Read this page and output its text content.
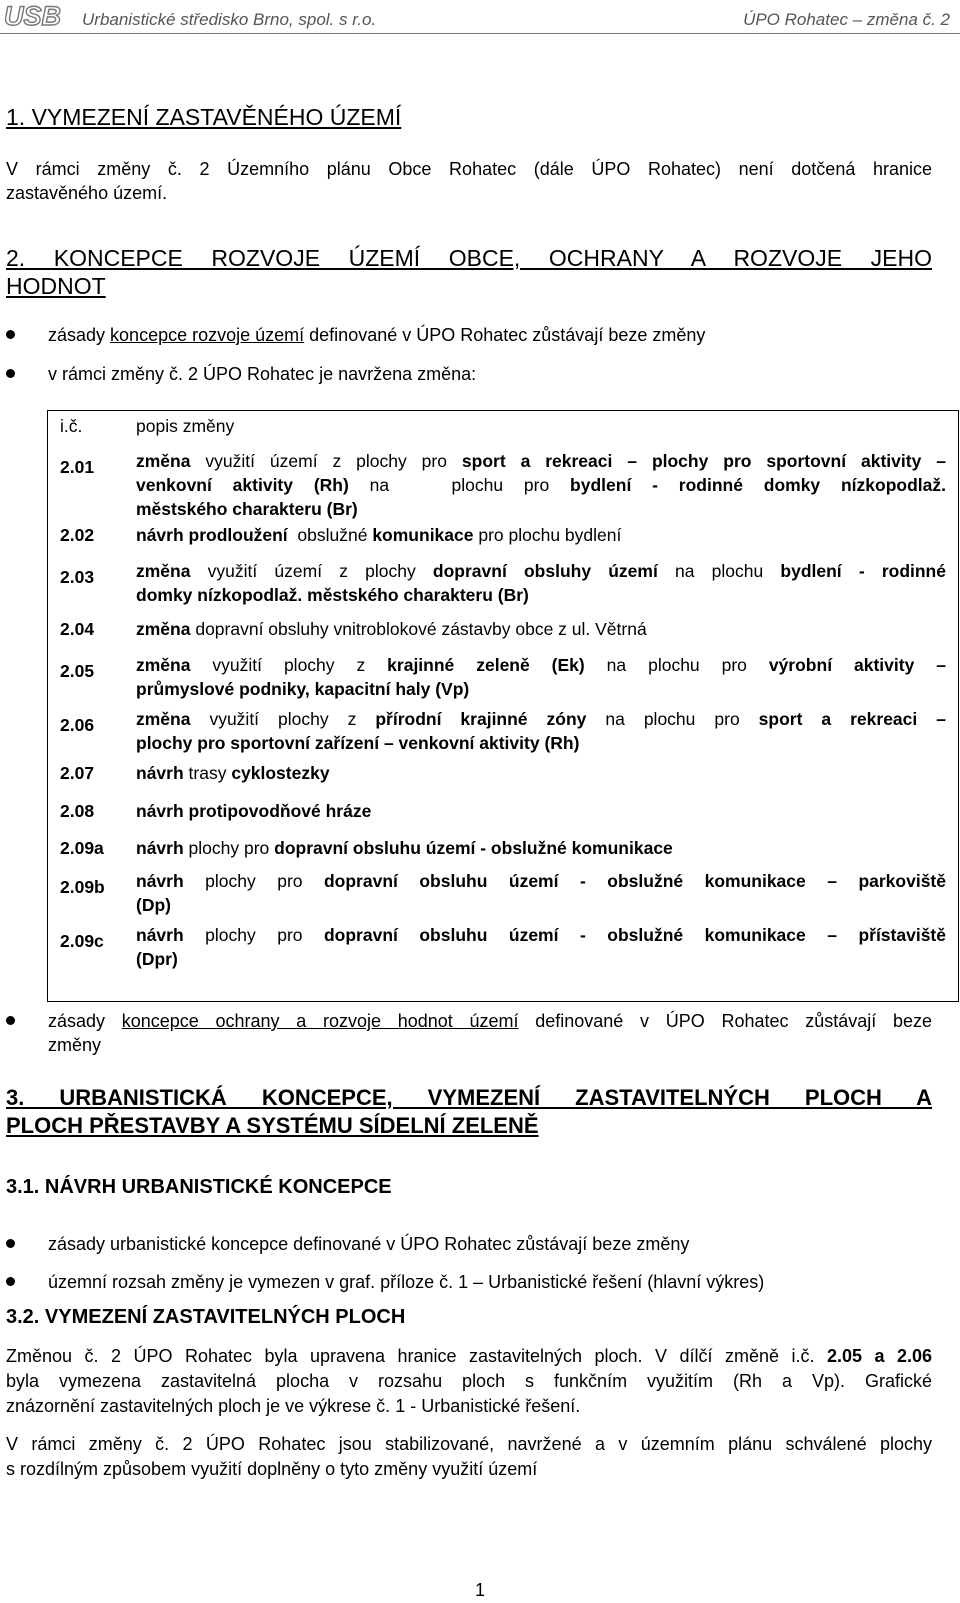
USB Urbanistické středisko Brno, spol. s r.o.	ÚPO Rohatec – změna č. 2
1. VYMEZENÍ ZASTAVĚNÉHO ÚZEMÍ
V rámci změny č. 2 Územního plánu Obce Rohatec (dále ÚPO Rohatec) není dotčená hranice
zastavěného území.
2. KONCEPCE ROZVOJE ÚZEMÍ OBCE, OCHRANY A ROZVOJE JEHO
HODNOT
zásady koncepce rozvoje území definované v ÚPO Rohatec zůstávají beze změny
v rámci změny č. 2 ÚPO Rohatec je navržena změna:
i.č.	popis změny
2.01 změna využití území z plochy pro sport a rekreaci – plochy pro sportovní aktivity –
venkovní aktivity (Rh) na   plochu pro bydlení - rodinné domky nízkopodlaž.
městského charakteru (Br)
2.02 návrh prodloužení  obslužné komunikace pro plochu bydlení
2.03 změna využití území z plochy dopravní obsluhy území na plochu bydlení - rodinné
domky nízkopodlaž. městského charakteru (Br)
2.04 změna dopravní obsluhy vnitroblokové zástavby obce z ul. Větrná
2.05 změna využití plochy z krajinné zeleně (Ek) na plochu pro výrobní aktivity –
průmyslové podniky, kapacitní haly (Vp)
2.06 změna využití plochy z přírodní krajinné zóny na plochu pro sport a rekreaci –
plochy pro sportovní zařízení – venkovní aktivity (Rh)
2.07 návrh trasy cyklostezky
2.08 návrh protipovodňové hráze
2.09a návrh plochy pro dopravní obsluhu území - obslužné komunikace
2.09b návrh plochy pro dopravní obsluhu území - obslužné komunikace – parkoviště
(Dp)
2.09c návrh plochy pro dopravní obsluhu území - obslužné komunikace – přístaviště
(Dpr)
zásady koncepce ochrany a rozvoje hodnot území definované v ÚPO Rohatec zůstávají beze
změny
3. URBANISTICKÁ KONCEPCE, VYMEZENÍ ZASTAVITELNÝCH PLOCH A
PLOCH PŘESTAVBY A SYSTÉMU SÍDELNÍ ZELENĚ
3.1. NÁVRH URBANISTICKÉ KONCEPCE
zásady urbanistické koncepce definované v ÚPO Rohatec zůstávají beze změny
územní rozsah změny je vymezen v graf. příloze č. 1 – Urbanistické řešení (hlavní výkres)
3.2. VYMEZENÍ ZASTAVITELNÝCH PLOCH
Změnou č. 2 ÚPO Rohatec byla upravena hranice zastavitelných ploch. V dílčí změně i.č. 2.05 a 2.06
byla vymezena zastavitelná plocha v rozsahu ploch s funkčním využitím (Rh a Vp). Grafické
znázornění zastavitelných ploch je ve výkrese č. 1 - Urbanistické řešení.
V rámci změny č. 2 ÚPO Rohatec jsou stabilizované, navržené a v územním plánu schválené plochy
s rozdílným způsobem využití doplněny o tyto změny využití území
1
